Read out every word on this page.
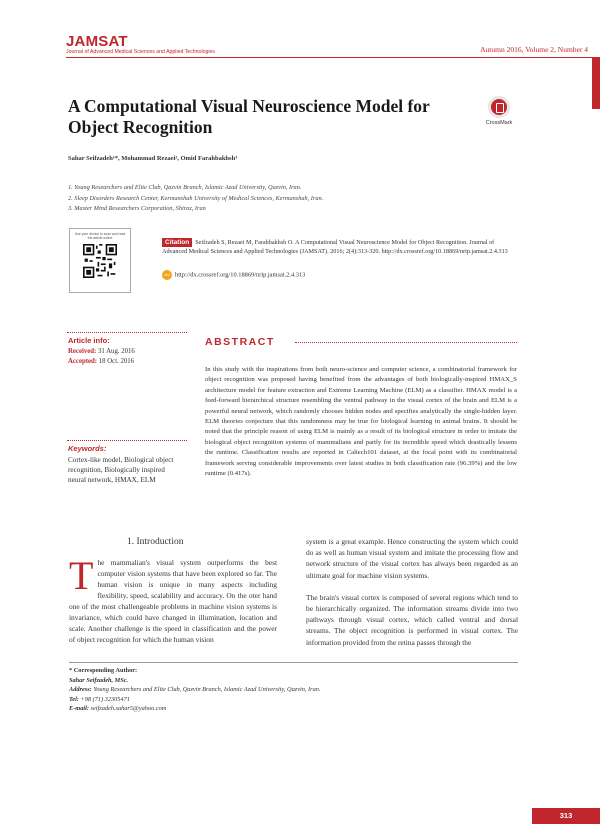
JAMSAT
Journal of Advanced Medical Sciences and Applied Technologies	Autumn 2016, Volume 2, Number 4
A Computational Visual Neuroscience Model for Object Recognition	CrossMark
Sahar Seifzadeh¹*, Mohammad Rezaei², Omid Farahbakhsh³
1. Young Researchers and Elite Club, Qazvin Branch, Islamic Azad University, Qazvin, Iran.
2. Sleep Disorders Research Center, Kermanshah University of Medical Sciences, Kermanshah, Iran.
3. Master Mind Researchers Corporation, Shiraz, Iran
Use your device to scan and read the article online
Citation Seifzadeh S, Rezaei M, Farahbakhsh O. A Computational Visual Neuroscience Model for Object Recognition. Journal of Advanced Medical Sciences and Applied Technologies (JAMSAT). 2016; 2(4):313-320. http://dx.crossref.org/10.18869/nrip.jamsat.2.4.313
doi http://dx.crossref.org/10.18869/nrip.jamsat.2.4.313
Article info:
Received: 31 Aug. 2016
Accepted: 18 Oct. 2016
Keywords:
Cortex-like model, Biological object recognition, Biologically inspired neural network, HMAX, ELM
ABSTRACT
In this study with the inspirations from both neuro-science and computer science, a combinatorial framework for object recognition was proposed having benefited from the advantages of both biologically-inspired HMAX_S architecture model for feature extraction and Extreme Learning Machine (ELM) as a classifier. HMAX model is a feed-forward hierarchical structure resembling the ventral pathway in the visual cortex of the brain and ELM is a powerful neural network, which randomly chooses hidden nodes and specifies analytically the single-hidden layer. ELM theories conjecture that this randomness may be true for biological learning in animal brains. It should be noted that the principle reason of using ELM is mainly as a result of its biological structure in order to imitate the biological object recognition systems of mammalians and partly for its incredible speed which drastically lessens the runtime. Classification results are reported in Caltech101 dataset, at the focal point with its combinatorial framework serving considerable improvements over latest studies in both classification rate (96.39%) and the low runtime (0.417s).
1. Introduction
The mammalian's visual system outperforms the best computer vision systems that have been explored so far. The human vision is unique in many aspects including flexibility, speed, scalability and accuracy. On the oter hand one of the most challengeable problems in machine vision systems is invariance, which could have changed in illumination, location and scale. Another challenge is the speed in classification and the power of object recognition for which the human vision

system is a great example. Hence constructing the system which could do as well as human visual system and imitate the processing flow and network structure of the visual cortex has always been regarded as an ultimate goal for machine vision systems.

The brain's visual cortex is composed of several regions which tend to be hierarchically organized. The information streams divide into two pathways through visual cortex, which called ventral and dorsal streams. The object recognition is performed in visual cortex. The information provided from the retina passes through the

* Corresponding Author:
Sahar Seifzadeh, MSc.
Address: Young Researchers and Elite Club, Qazvin Branch, Islamic Azad University, Qazvin, Iran.
Tel: +98 (71) 32305471
E-mail: seifzadeh.sahar5@yahoo.com
313
